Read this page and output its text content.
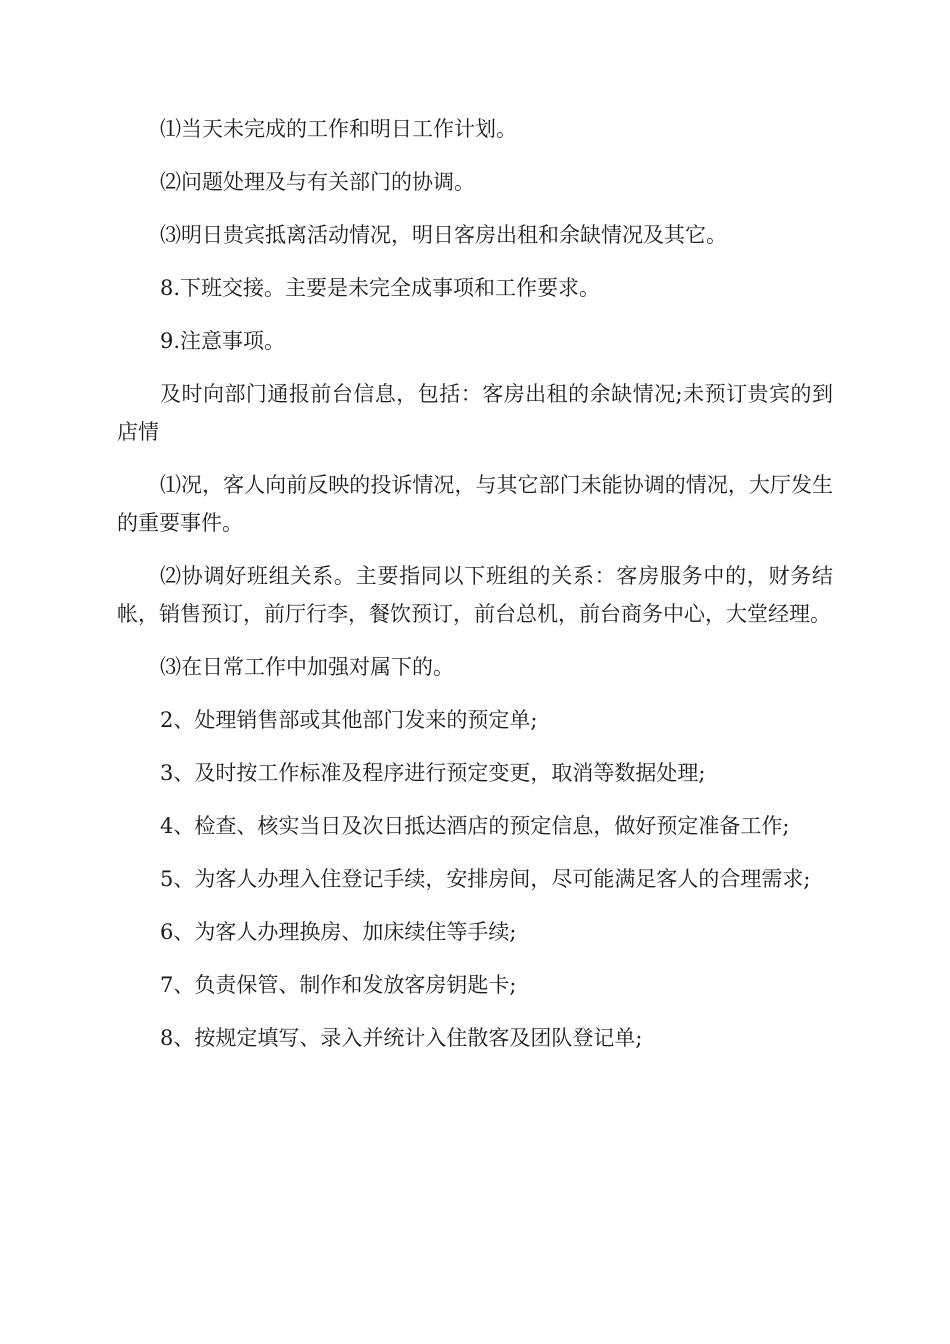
⑴当天未完成的工作和明日工作计划。

⑵问题处理及与有关部门的协调。

⑶明日贵宾抵离活动情况，明日客房出租和余缺情况及其它。

8.下班交接。主要是未完全成事项和工作要求。

9.注意事项。

及时向部门通报前台信息，包括：客房出租的余缺情况;未预订贵宾的到店情

⑴况，客人向前反映的投诉情况，与其它部门未能协调的情况，大厅发生的重要事件。

⑵协调好班组关系。主要指同以下班组的关系：客房服务中的，财务结帐，销售预订，前厅行李，餐饮预订，前台总机，前台商务中心，大堂经理。

⑶在日常工作中加强对属下的。

2、处理销售部或其他部门发来的预定单;

3、及时按工作标准及程序进行预定变更，取消等数据处理;

4、检查、核实当日及次日抵达酒店的预定信息，做好预定准备工作;

5、为客人办理入住登记手续，安排房间，尽可能满足客人的合理需求;

6、为客人办理换房、加床续住等手续;

7、负责保管、制作和发放客房钥匙卡;

8、按规定填写、录入并统计入住散客及团队登记单;
